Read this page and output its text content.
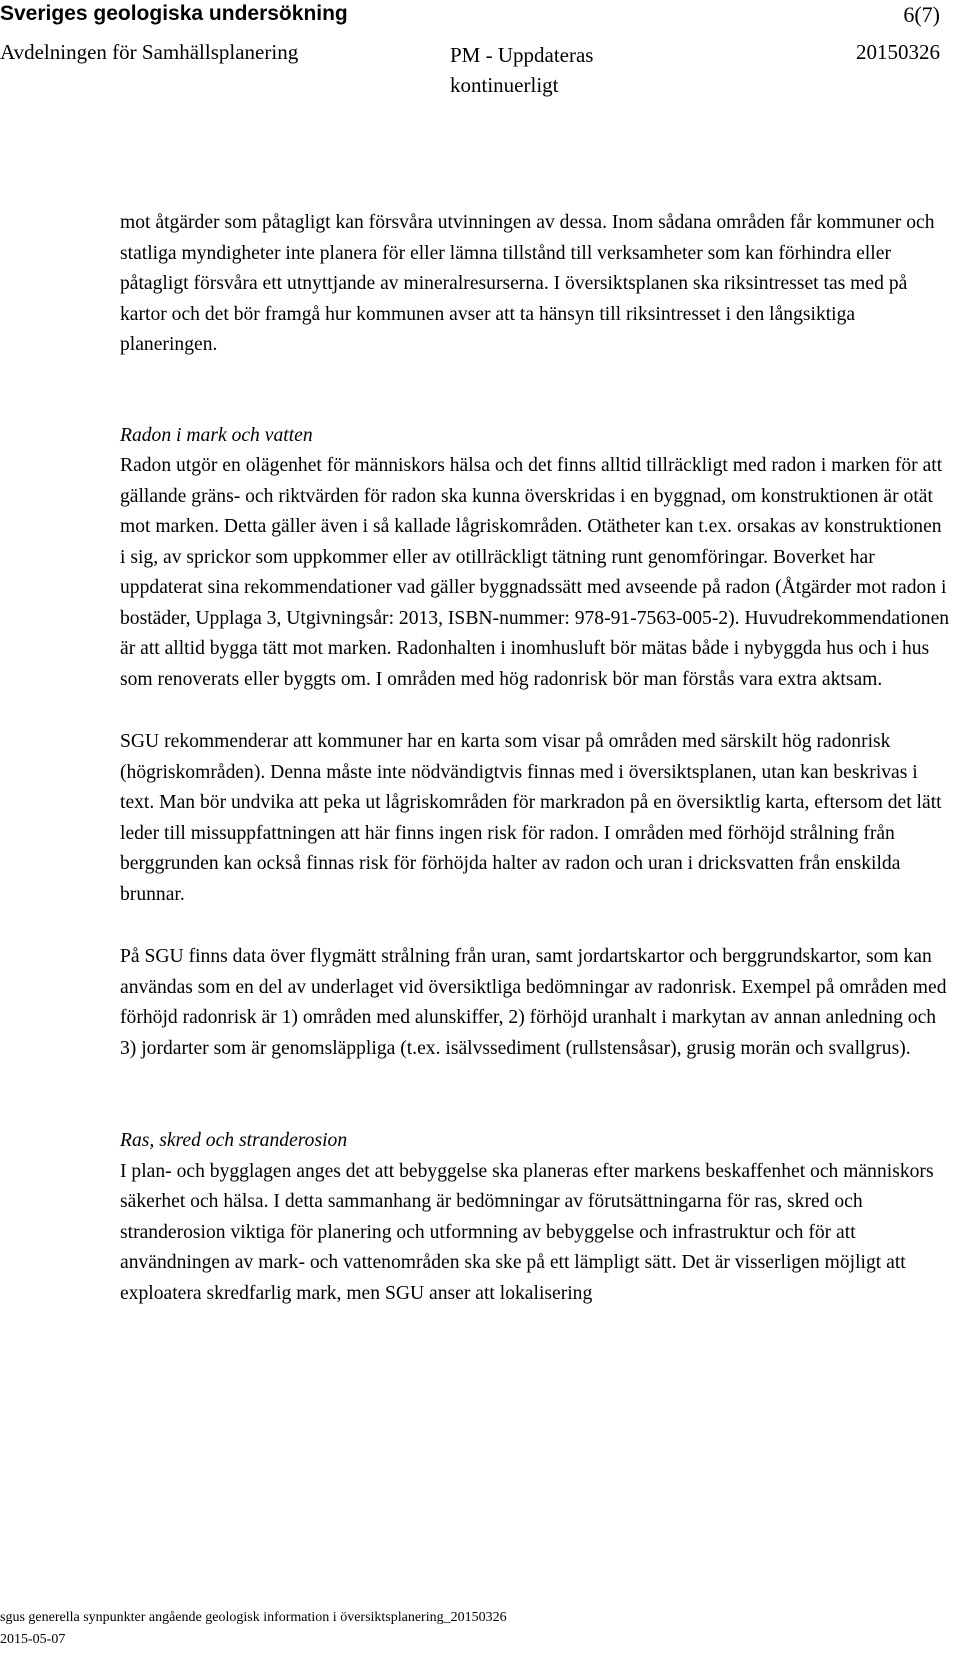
Sveriges geologiska undersökning	6(7)
Avdelningen för Samhällsplanering	PM - Uppdateras
kontinuerligt
20150326

mot åtgärder som påtagligt kan försvåra utvinningen av dessa. Inom sådana områden får kommuner och statliga myndigheter inte planera för eller lämna tillstånd till verksamheter som kan förhindra eller påtagligt försvåra ett utnyttjande av mineralresurserna. I översiktsplanen ska riksintresset tas med på kartor och det bör framgå hur kommunen avser att ta hänsyn till riksintresset i den långsiktiga planeringen.

Radon i mark och vatten

Radon utgör en olägenhet för människors hälsa och det finns alltid tillräckligt med radon i marken för att gällande gräns- och riktvärden för radon ska kunna överskridas i en byggnad, om konstruktionen är otät mot marken. Detta gäller även i så kallade lågriskområden. Otätheter kan t.ex. orsakas av konstruktionen i sig, av sprickor som uppkommer eller av otillräckligt tätning runt genomföringar. Boverket har uppdaterat sina rekommendationer vad gäller byggnadssätt med avseende på radon (Åtgärder mot radon i bostäder, Upplaga 3, Utgivningsår: 2013, ISBN-nummer: 978-91-7563-005-2). Huvudrekommendationen är att alltid bygga tätt mot marken. Radonhalten i inomhusluft bör mätas både i nybyggda hus och i hus som renoverats eller byggts om. I områden med hög radonrisk bör man förstås vara extra aktsam.

SGU rekommenderar att kommuner har en karta som visar på områden med särskilt hög radonrisk (högriskområden). Denna måste inte nödvändigtvis finnas med i översiktsplanen, utan kan beskrivas i text. Man bör undvika att peka ut lågriskområden för markradon på en översiktlig karta, eftersom det lätt leder till missuppfattningen att här finns ingen risk för radon. I områden med förhöjd strålning från berggrunden kan också finnas risk för förhöjda halter av radon och uran i dricksvatten från enskilda brunnar.

På SGU finns data över flygmätt strålning från uran, samt jordartskartor och berggrundskartor, som kan användas som en del av underlaget vid översiktliga bedömningar av radonrisk. Exempel på områden med förhöjd radonrisk är 1) områden med alunskiffer, 2) förhöjd uranhalt i markytan av annan anledning och 3) jordarter som är genomsläppliga (t.ex. isälvssediment (rullstensåsar), grusig morän och svallgrus).

Ras, skred och stranderosion

I plan- och bygglagen anges det att bebyggelse ska planeras efter markens beskaffenhet och människors säkerhet och hälsa. I detta sammanhang är bedömningar av förutsättningarna för ras, skred och stranderosion viktiga för planering och utformning av bebyggelse och infrastruktur och för att användningen av mark- och vattenområden ska ske på ett lämpligt sätt. Det är visserligen möjligt att exploatera skredfarlig mark, men SGU anser att lokalisering

sgus generella synpunkter angående geologisk information i översiktsplanering_20150326
2015-05-07
